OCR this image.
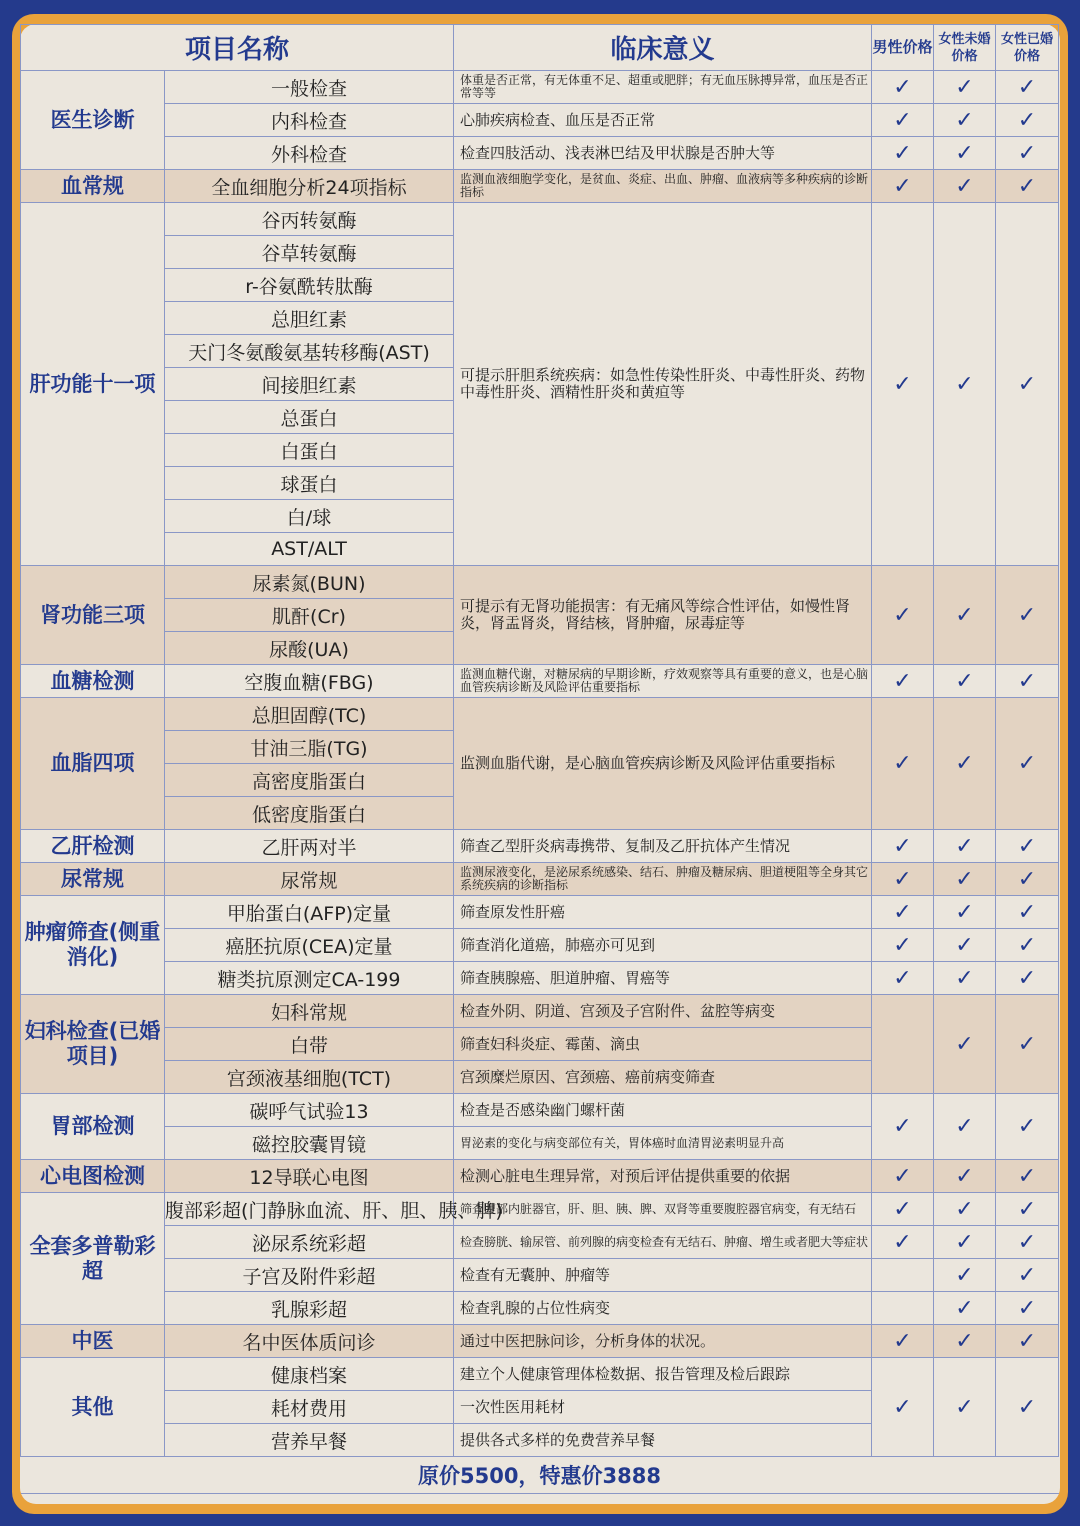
项目名称		临床意义	男性价格	女性未婚价格	女性已婚价格
医生诊断	一般检查	体重是否正常，有无体重不足、超重或肥胖；有无血压脉搏异常，血压是否正常等等	✓	✓	✓
	内科检查	心肺疾病检查、血压是否正常	✓	✓	✓
	外科检查	检查四肢活动、浅表淋巴结及甲状腺是否肿大等	✓	✓	✓
血常规	全血细胞分析24项指标	监测血液细胞学变化，是贫血、炎症、出血、肿瘤、血液病等多种疾病的诊断指标	✓	✓	✓
肝功能十一项	谷丙转氨酶	可提示肝胆系统疾病：如急性传染性肝炎、中毒性肝炎、药物中毒性肝炎、酒精性肝炎和黄疸等	✓	✓	✓
	谷草转氨酶				
	r-谷氨酰转肽酶				
	总胆红素				
	天门冬氨酸氨基转移酶(AST)				
	间接胆红素				
	总蛋白				
	白蛋白				
	球蛋白				
	白/球				
	AST/ALT				
肾功能三项	尿素氮(BUN)	可提示有无肾功能损害：有无痛风等综合性评估，如慢性肾炎，肾盂肾炎，肾结核，肾肿瘤，尿毒症等	✓	✓	✓
	肌酐(Cr)				
	尿酸(UA)				
血糖检测	空腹血糖(FBG)	监测血糖代谢，对糖尿病的早期诊断，疗效观察等具有重要的意义，也是心脑血管疾病诊断及风险评估重要指标	✓	✓	✓
血脂四项	总胆固醇(TC)	监测血脂代谢，是心脑血管疾病诊断及风险评估重要指标	✓	✓	✓
	甘油三脂(TG)				
	高密度脂蛋白				
	低密度脂蛋白				
乙肝检测	乙肝两对半	筛查乙型肝炎病毒携带、复制及乙肝抗体产生情况	✓	✓	✓
尿常规	尿常规	监测尿液变化，是泌尿系统感染、结石、肿瘤及糖尿病、胆道梗阻等全身其它系统疾病的诊断指标	✓	✓	✓
肿瘤筛查(侧重消化)	甲胎蛋白(AFP)定量	筛查原发性肝癌	✓	✓	✓
	癌胚抗原(CEA)定量	筛查消化道癌，肺癌亦可见到	✓	✓	✓
	糖类抗原测定CA-199	筛查胰腺癌、胆道肿瘤、胃癌等	✓	✓	✓
妇科检查(已婚项目)	妇科常规	检查外阴、阴道、宫颈及子宫附件、盆腔等病变		✓	✓
	白带	筛查妇科炎症、霉菌、滴虫			
	宫颈液基细胞(TCT)	宫颈糜烂原因、宫颈癌、癌前病变筛查			
胃部检测	碳呼气试验13	检查是否感染幽门螺杆菌	✓	✓	✓
	磁控胶囊胃镜	胃泌素的变化与病变部位有关，胃体癌时血清胃泌素明显升高			
心电图检测	12导联心电图	检测心脏电生理异常，对预后评估提供重要的依据	✓	✓	✓
全套多普勒彩超	腹部彩超(门静脉血流、肝、胆、胰、脾)	筛查腹部内脏器官，肝、胆、胰、脾、双肾等重要腹腔器官病变，有无结石	✓	✓	✓
	泌尿系统彩超	检查膀胱、输尿管、前列腺的病变检查有无结石、肿瘤、增生或者肥大等症状	✓	✓	✓
	子宫及附件彩超	检查有无囊肿、肿瘤等		✓	✓
	乳腺彩超	检查乳腺的占位性病变		✓	✓
中医	名中医体质问诊	通过中医把脉问诊，分析身体的状况。	✓	✓	✓
其他	健康档案	建立个人健康管理体检数据、报告管理及检后跟踪	✓	✓	✓
	耗材费用	一次性医用耗材			
	营养早餐	提供各式多样的免费营养早餐			
原价5500，特惠价3888					
